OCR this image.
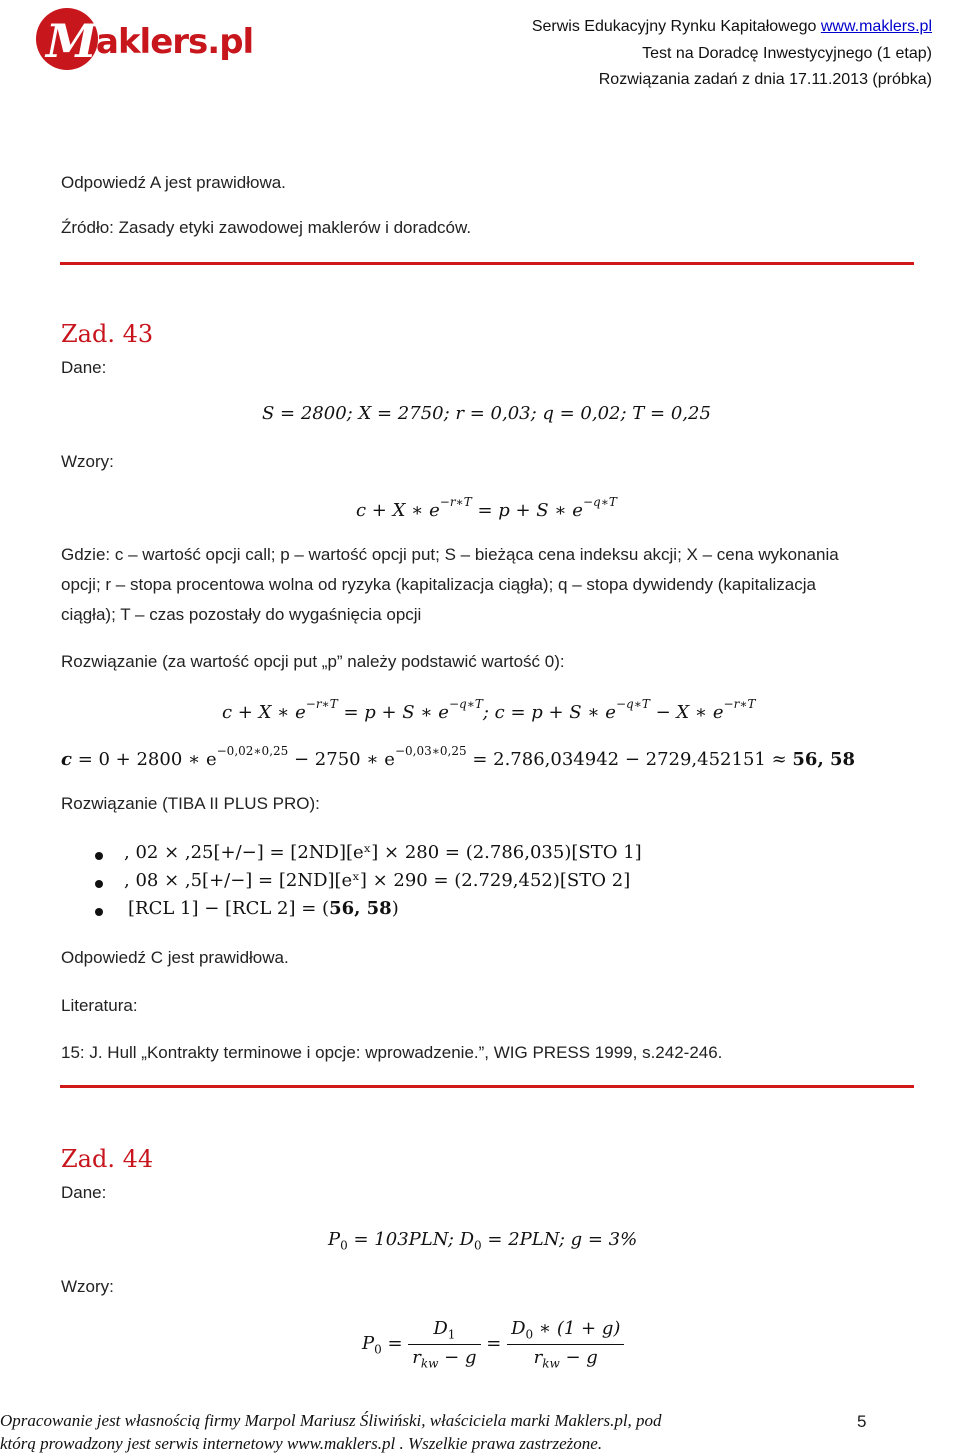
M aklers.pl	Serwis Edukacyjny Rynku Kapitałowego www.maklers.pl
Test na Doradcę Inwestycyjnego (1 etap)
Rozwiązania zadań z dnia 17.11.2013 (próbka)
Odpowiedź A jest prawidłowa.
Źródło: Zasady etyki zawodowej maklerów i doradców.
Zad. 43
Dane:
S = 2800; X = 2750; r = 0,03; q = 0,02; T = 0,25
Wzory:
c + X ∗ $e^{-r∗T} = p + S$ ∗ $e^{-q∗T}$
Gdzie: c – wartość opcji call; p – wartość opcji put; S – bieżąca cena indeksu akcji; X – cena wykonania
opcji; r – stopa procentowa wolna od ryzyka (kapitalizacja ciągła); q – stopa dywidendy (kapitalizacja
ciągła); T – czas pozostały do wygaśnięcia opcji
Rozwiązanie (za wartość opcji put „p” należy podstawić wartość 0):
c + X ∗ $e^{-r∗T} = p + S$ ∗ $e^{-q∗T}$; c = p + S ∗ $e^{-q∗T} - X$ ∗ $e^{-r∗T}$
c = 0 + 2800 ∗ $e^{-0,02∗0,25} - 2750$ ∗ $e^{-0,03∗0,25} = 2.786,034942 - 2729,452151 \approx 56$, 58
Rozwiązanie (TIBA II PLUS PRO):
, 02 × ,25[+/−] = [2ND][eˣ] × 280 = (2.786,035)[STO 1]
, 08 × ,5[+/−] = [2ND][eˣ] × 290 = (2.729,452)[STO 2]
[RCL 1] − [RCL 2] = (56, 58)
Odpowiedź C jest prawidłowa.
Literatura:
15: J. Hull „Kontrakty terminowe i opcje: wprowadzenie.”, WIG PRESS 1999, s.242-246.
Zad. 44
Dane:
$P_0 = 103PLN$; $D_0 = 2PLN$; g = 3%
Wzory:
$P_0 = \frac{D_1}{r_{kw} - g} = \frac{D_0 ∗ (1 + g)}{r_{kw} - g}$
Opracowanie jest własnością firmy Marpol Mariusz Śliwiński, właściciela marki Maklers.pl, pod
którą prowadzony jest serwis internetowy www.maklers.pl . Wszelkie prawa zastrzeżone.
5
